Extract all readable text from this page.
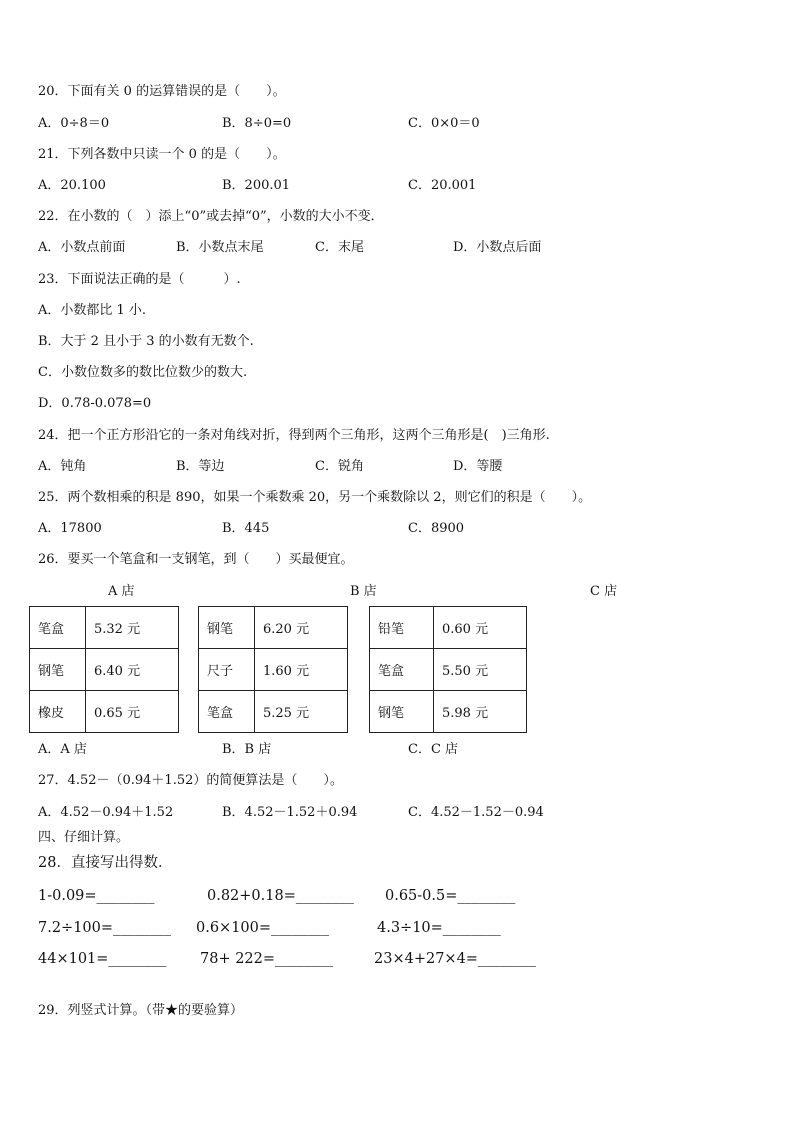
20．下面有关 0 的运算错误的是（　　）。
A．0÷8＝0	B．8÷0=0	C．0×0＝0
21．下列各数中只读一个 0 的是（　　）。
A．20.100	B．200.01	C．20.001
22．在小数的（　）添上“0”或去掉“0”，小数的大小不变．
A．小数点前面	B．小数点末尾	C．末尾	D．小数点后面
23．下面说法正确的是（　　　）.
A．小数都比 1 小.
B．大于 2 且小于 3 的小数有无数个.
C．小数位数多的数比位数少的数大.
D．0.78-0.078=0
24．把一个正方形沿它的一条对角线对折，得到两个三角形，这两个三角形是(　)三角形.
A．钝角	B．等边	C．锐角	D．等腰
25．两个数相乘的积是 890，如果一个乘数乘 20，另一个乘数除以 2，则它们的积是（　　）。
A．17800	B．445	C．8900
26．要买一个笔盒和一支钢笔，到（　　）买最便宜。
A 店	B 店	C 店
笔盒	5.32 元
钢笔	6.40 元
橡皮	0.65 元
钢笔	6.20 元
尺子	1.60 元
笔盒	5.25 元
铅笔	0.60 元
笔盒	5.50 元
钢笔	5.98 元
A．A 店	B．B 店	C．C 店
27．4.52－（0.94＋1.52）的简便算法是（　　）。
A．4.52－0.94＋1.52	B．4.52－1.52＋0.94	C．4.52－1.52－0.94
四、仔细计算。
28．直接写出得数．
1-0.09=________	0.82+0.18=________ 0.65-0.5=________
7.2÷100=________ 0.6×100=________	4.3÷10=________
44×101=________ 78+ 222=________	23×4+27×4=________
29．列竖式计算。（带★的要验算）
